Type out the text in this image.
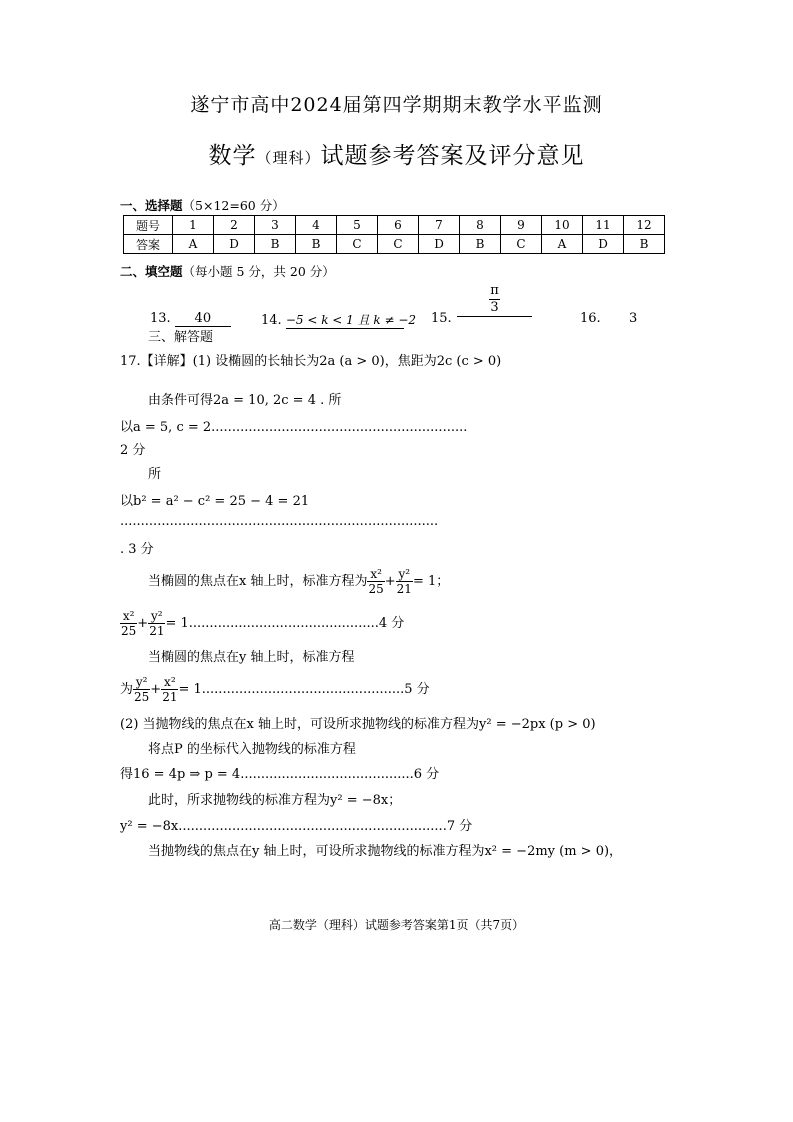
遂宁市高中2024届第四学期期末教学水平监测
数学（理科）试题参考答案及评分意见
一、选择题（5×12=60 分）
题号	1	2	3	4	5	6	7	8	9	10	11	12
答案	A	D	B	B	C	C	D	B	C	A	D	B
二、填空题（每小题 5 分，共 20 分）
13. 40	14. −5 < k < 1 且 k ≠ −2 15.
$\frac{\pi}{3}$
16. 3
三、解答题
17.【详解】(1) 设椭圆的长轴长为2a (a > 0)，焦距为2c (c > 0)
由条件可得2a = 10, 2c = 4 . 所
以a = 5, c = 2..............................................................
2 分
所
以b² = a² − c² = 25 − 4 = 21
.............................................................................
. 3 分
当椭圆的焦点在x 轴上时，标准方程为 $\frac{\text{x²}}{25} + \frac{\text{y²}}{21} = 1$；
$\frac{\text{x²}}{25} + \frac{\text{y²}}{21} = 1..............................................4$ 分
当椭圆的焦点在y 轴上时，标准方程
为 $\frac{\text{y²}}{25} + \frac{\text{x²}}{21} = 1.................................................5$ 分
(2) 当抛物线的焦点在x 轴上时，可设所求抛物线的标准方程为y² = −2px (p > 0)
将点P 的坐标代入抛物线的标准方程
得16 = 4p ⇒ p = 4..........................................6 分
此时，所求抛物线的标准方程为y² = −8x；
y² = −8x.................................................................7 分
当抛物线的焦点在y 轴上时，可设所求抛物线的标准方程为x² = −2my (m > 0)，
高二数学（理科）试题参考答案第1页（共7页）
